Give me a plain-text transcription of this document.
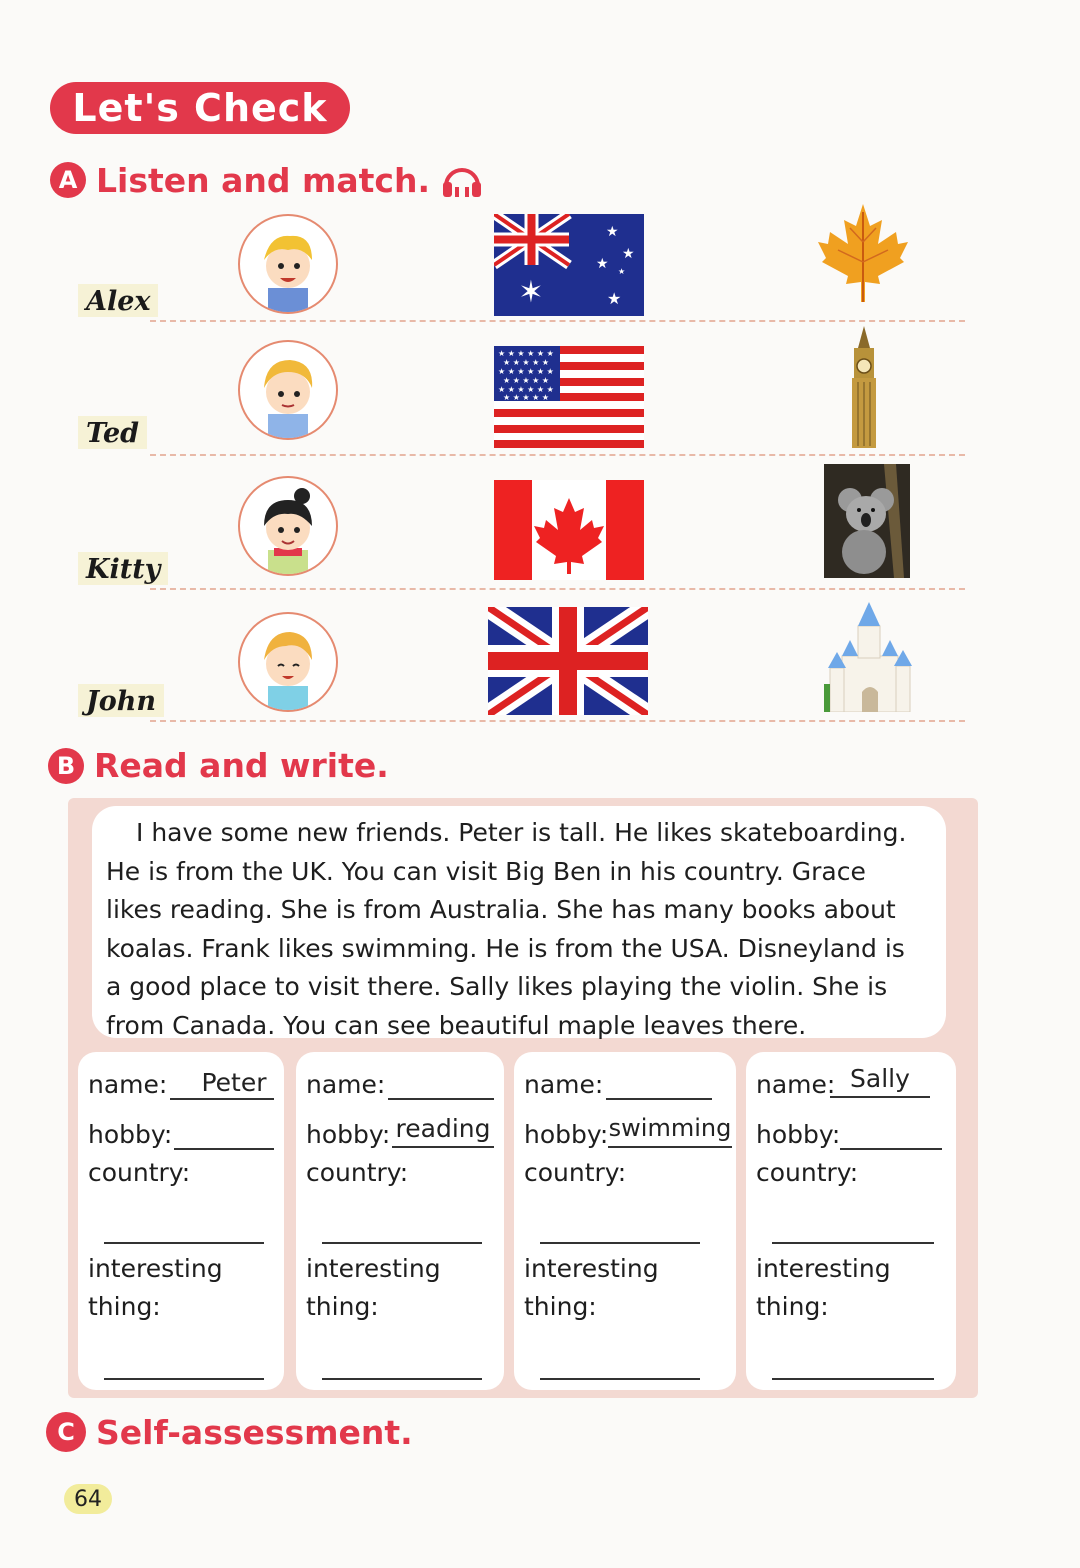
Let's Check
A Listen and match.
Alex
Ted
Kitty
John
✶
★
★
★
★
★
★ ★ ★ ★ ★ ★
★ ★ ★ ★ ★
★ ★ ★ ★ ★ ★
★ ★ ★ ★ ★
★ ★ ★ ★ ★ ★
★ ★ ★ ★ ★
B Read and write.

I have some new friends. Peter is tall. He likes skateboarding.

He is from the UK. You can visit Big Ben in his country. Grace
likes reading. She is from Australia. She has many books about
koalas. Frank likes swimming. He is from the USA. Disneyland is
a good place to visit there. Sally likes playing the violin. She is
from Canada. You can see beautiful maple leaves there.
name:	Peter
hobby:
country:
interesting
thing:
name:
hobby: reading
country:
interesting
thing:
name:
hobby: swimming
country:
interesting
thing:
name: Sally
hobby:
country:
interesting
thing:
C Self-assessment.
64
